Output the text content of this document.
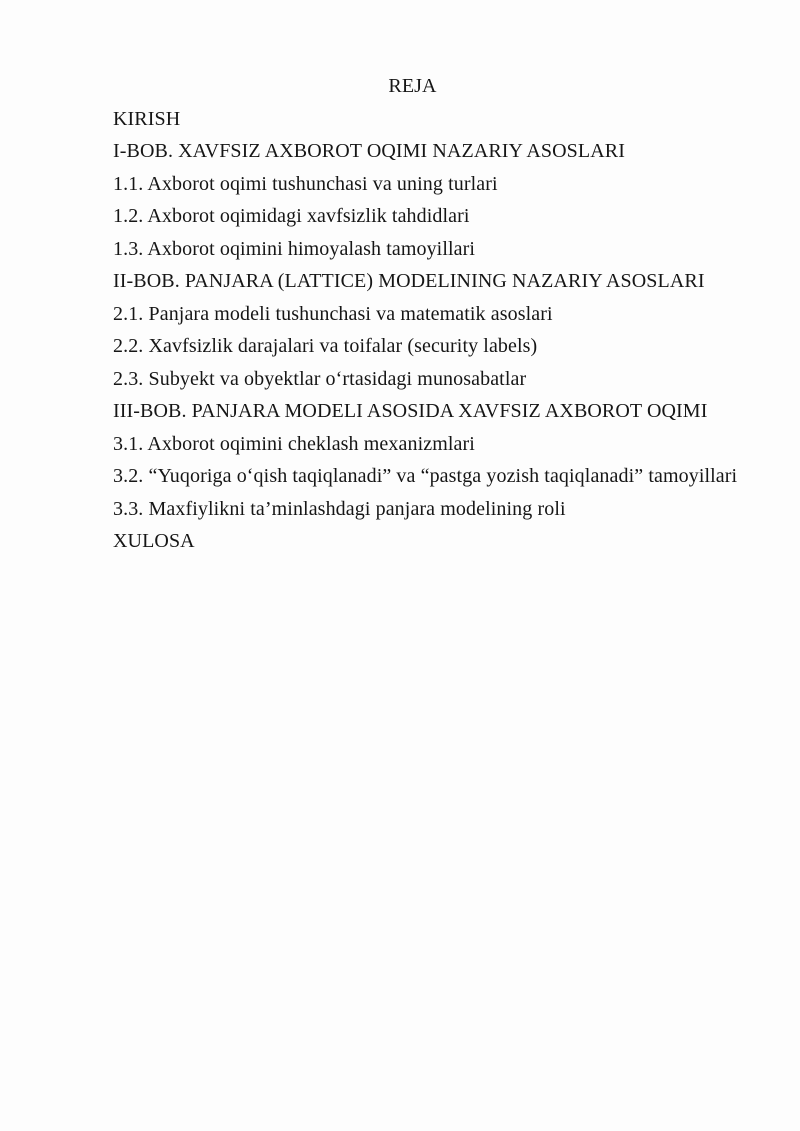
REJA
KIRISH
I-BOB. XAVFSIZ AXBOROT OQIMI NAZARIY ASOSLARI
1.1. Axborot oqimi tushunchasi va uning turlari
1.2. Axborot oqimidagi xavfsizlik tahdidlari
1.3. Axborot oqimini himoyalash tamoyillari
II-BOB. PANJARA (LATTICE) MODELINING NAZARIY ASOSLARI
2.1. Panjara modeli tushunchasi va matematik asoslari
2.2. Xavfsizlik darajalari va toifalar (security labels)
2.3. Subyekt va obyektlar o‘rtasidagi munosabatlar
III-BOB. PANJARA MODELI ASOSIDA XAVFSIZ AXBOROT OQIMI
3.1. Axborot oqimini cheklash mexanizmlari
3.2. “Yuqoriga o‘qish taqiqlanadi” va “pastga yozish taqiqlanadi” tamoyillari
3.3. Maxfiylikni ta’minlashdagi panjara modelining roli
XULOSA
